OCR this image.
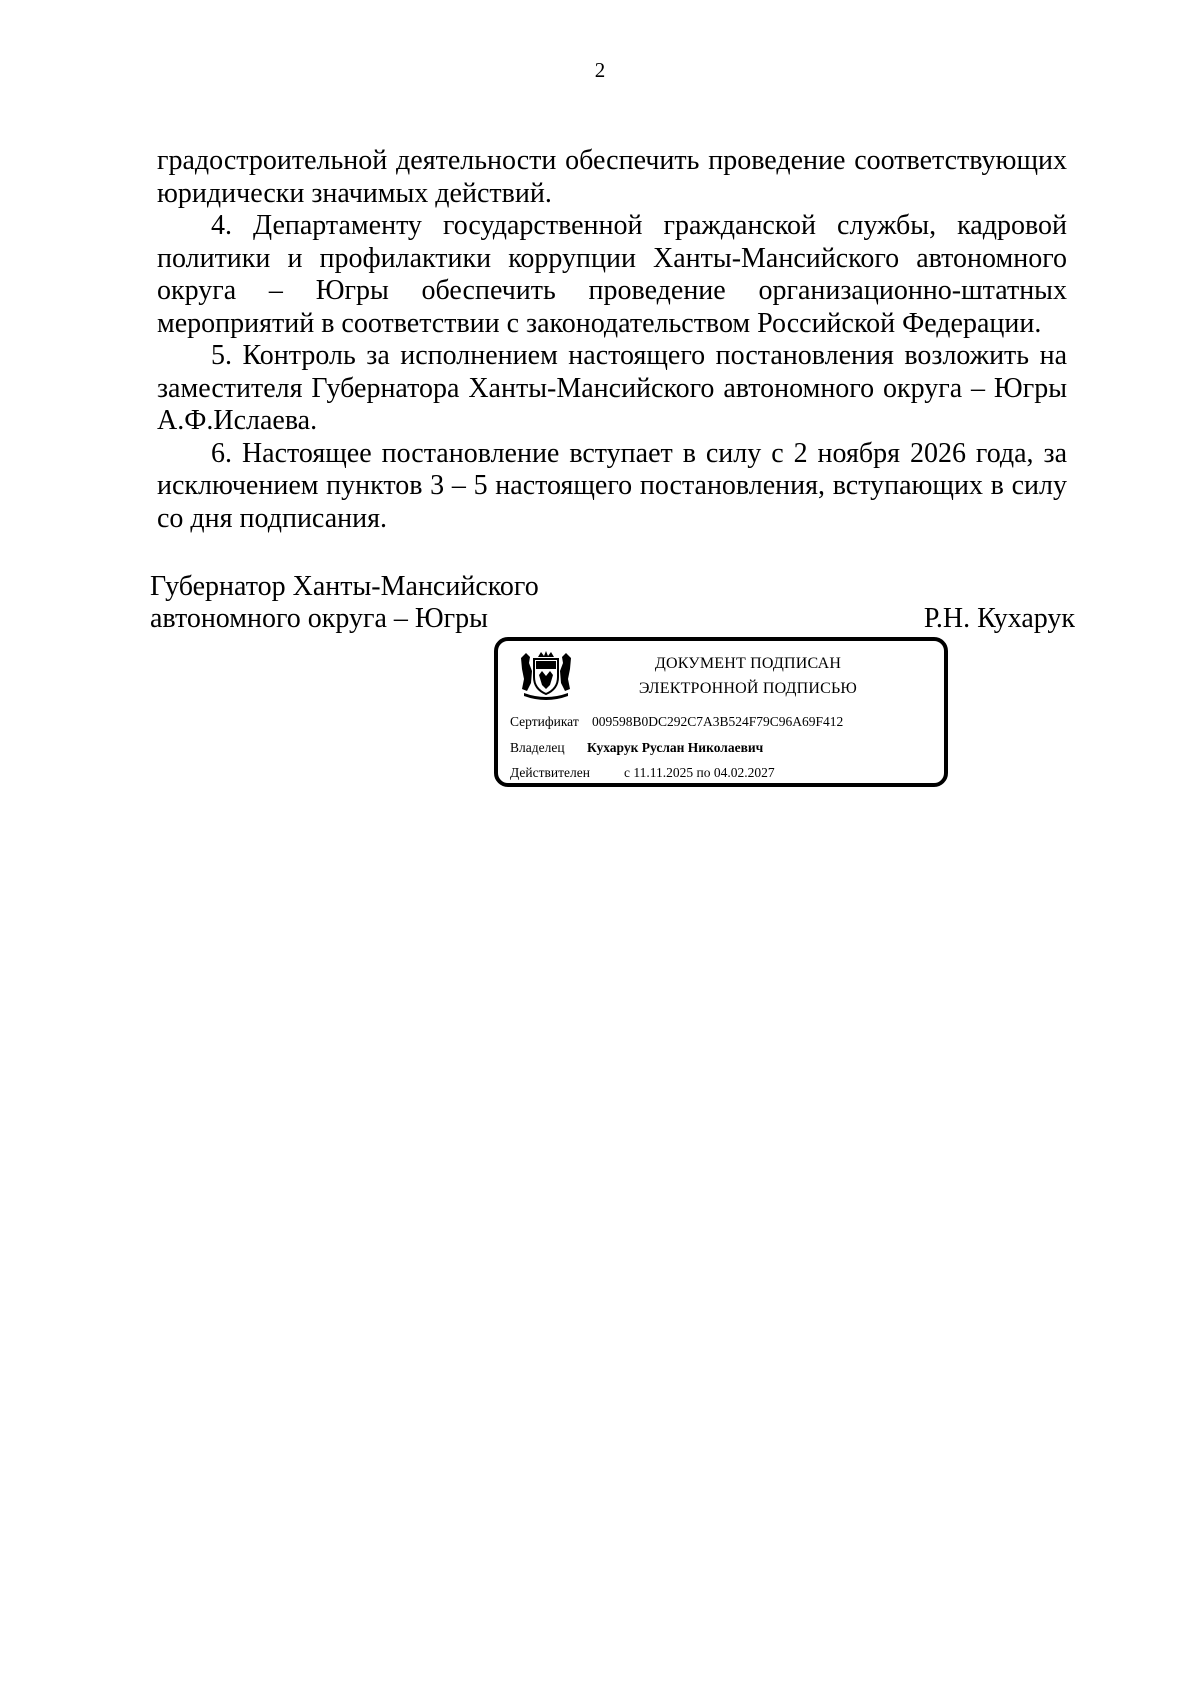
2

градостроительной деятельности обеспечить проведение соответствующих юридически значимых действий.

4. Департаменту государственной гражданской службы, кадровой политики и профилактики коррупции Ханты-Мансийского автономного округа – Югры обеспечить проведение организационно-штатных мероприятий в соответствии с законодательством Российской Федерации.

5. Контроль за исполнением настоящего постановления возложить на заместителя Губернатора Ханты-Мансийского автономного округа – Югры А.Ф.Ислаева.

6. Настоящее постановление вступает в силу с 2 ноября 2026 года, за исключением пунктов 3 – 5 настоящего постановления, вступающих в силу со дня подписания.

Губернатор Ханты-Мансийского
автономного округа – Югры	Р.Н. Кухарук
ДОКУМЕНТ ПОДПИСАН
ЭЛЕКТРОННОЙ ПОДПИСЬЮ
Сертификат 009598B0DC292C7A3B524F79C96A69F412
Владелец Кухарук Руслан Николаевич
Действителен	с 11.11.2025 по 04.02.2027
